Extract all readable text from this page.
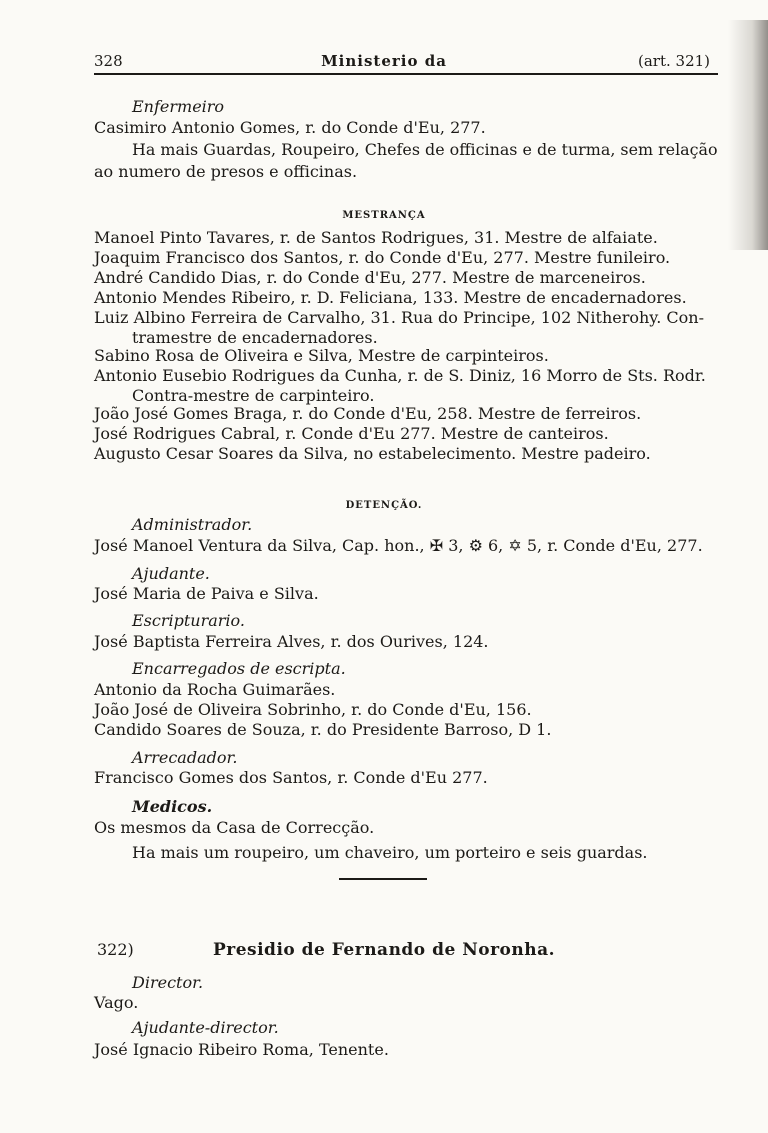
328	Ministerio da	(art. 321)
Enfermeiro
Casimiro Antonio Gomes, r. do Conde d'Eu, 277.
Ha mais Guardas, Roupeiro, Chefes de officinas e de turma, sem relação
ao numero de presos e officinas.
MESTRANÇA
Manoel Pinto Tavares, r. de Santos Rodrigues, 31. Mestre de alfaiate.
Joaquim Francisco dos Santos, r. do Conde d'Eu, 277. Mestre funileiro.
André Candido Dias, r. do Conde d'Eu, 277. Mestre de marceneiros.
Antonio Mendes Ribeiro, r. D. Feliciana, 133. Mestre de encadernadores.
Luiz Albino Ferreira de Carvalho, 31. Rua do Principe, 102 Nitherohy. Con-
tramestre de encadernadores.
Sabino Rosa de Oliveira e Silva, Mestre de carpinteiros.
Antonio Eusebio Rodrigues da Cunha, r. de S. Diniz, 16 Morro de Sts. Rodr.
Contra-mestre de carpinteiro.
João José Gomes Braga, r. do Conde d'Eu, 258. Mestre de ferreiros.
José Rodrigues Cabral, r. Conde d'Eu 277. Mestre de canteiros.
Augusto Cesar Soares da Silva, no estabelecimento. Mestre padeiro.
DETENÇÃO.
Administrador.
José Manoel Ventura da Silva, Cap. hon., ✠ 3, ⚙ 6, ✡ 5, r. Conde d'Eu, 277.
Ajudante.
José Maria de Paiva e Silva.
Escripturario.
José Baptista Ferreira Alves, r. dos Ourives, 124.
Encarregados de escripta.
Antonio da Rocha Guimarães.
João José de Oliveira Sobrinho, r. do Conde d'Eu, 156.
Candido Soares de Souza, r. do Presidente Barroso, D 1.
Arrecadador.
Francisco Gomes dos Santos, r. Conde d'Eu 277.
Medicos.
Os mesmos da Casa de Correcção.
Ha mais um roupeiro, um chaveiro, um porteiro e seis guardas.
322)	Presidio de Fernando de Noronha.
Director.
Vago.
Ajudante-director.
José Ignacio Ribeiro Roma, Tenente.
